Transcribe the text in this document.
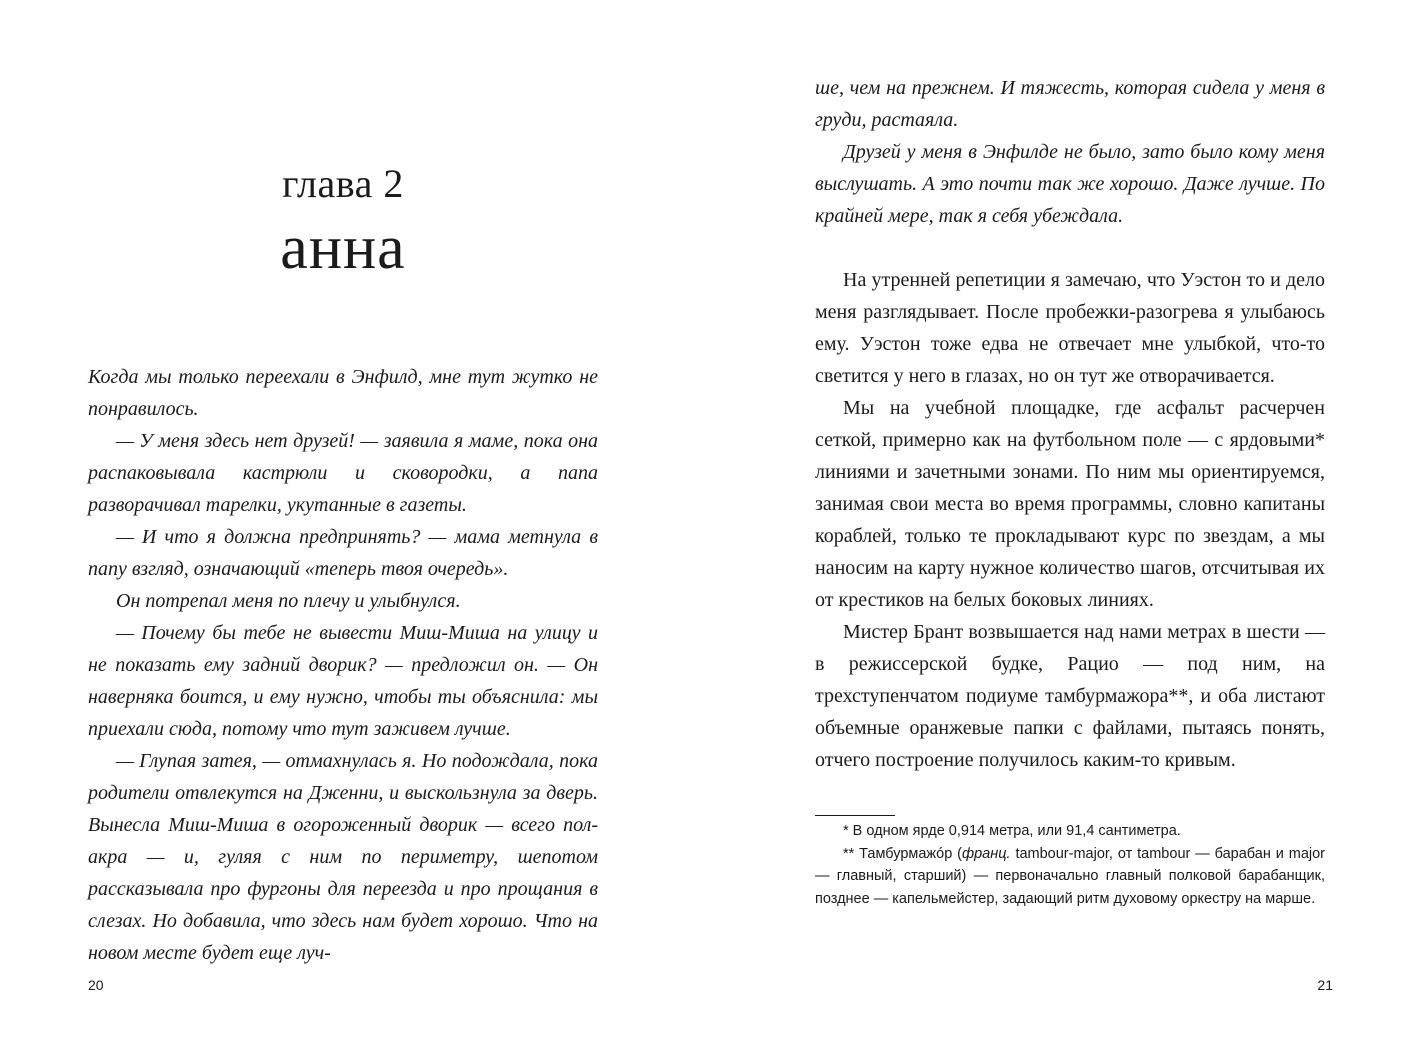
глава 2
анна

Когда мы только переехали в Энфилд, мне тут жутко не понравилось.

— У меня здесь нет друзей! — заявила я маме, пока она распаковывала кастрюли и сковородки, а папа разворачивал тарелки, укутанные в газеты.

— И что я должна предпринять? — мама метнула в папу взгляд, означающий «теперь твоя очередь».

Он потрепал меня по плечу и улыбнулся.

— Почему бы тебе не вывести Миш-Миша на улицу и не показать ему задний дворик? — предложил он. — Он наверняка боится, и ему нужно, чтобы ты объяснила: мы приехали сюда, потому что тут заживем лучше.

— Глупая затея, — отмахнулась я. Но подождала, пока родители отвлекутся на Дженни, и выскользнула за дверь. Вынесла Миш-Миша в огороженный дворик — всего пол-акра — и, гуляя с ним по периметру, шепотом рассказывала про фургоны для переезда и про прощания в слезах. Но добавила, что здесь нам будет хорошо. Что на новом месте будет еще луч-

20

ше, чем на прежнем. И тяжесть, которая сидела у меня в груди, растаяла.

Друзей у меня в Энфилде не было, зато было кому меня выслушать. А это почти так же хорошо. Даже лучше. По крайней мере, так я себя убеждала.

На утренней репетиции я замечаю, что Уэстон то и дело меня разглядывает. После пробежки-разогрева я улыбаюсь ему. Уэстон тоже едва не отвечает мне улыбкой, что-то светится у него в глазах, но он тут же отворачивается.

Мы на учебной площадке, где асфальт расчерчен сеткой, примерно как на футбольном поле — с ярдовыми* линиями и зачетными зонами. По ним мы ориентируемся, занимая свои места во время программы, словно капитаны кораблей, только те прокладывают курс по звездам, а мы наносим на карту нужное количество шагов, отсчитывая их от крестиков на белых боковых линиях.

Мистер Брант возвышается над нами метрах в шести — в режиссерской будке, Рацио — под ним, на трехступенчатом подиуме тамбурмажора**, и оба листают объемные оранжевые папки с файлами, пытаясь понять, отчего построение получилось каким-то кривым.

* В одном ярде 0,914 метра, или 91,4 сантиметра.

** Тамбурмажóр (франц. tambour-major, от tambour — барабан и major — главный, старший) — первоначально главный полковой барабанщик, позднее — капельмейстер, задающий ритм духовому оркестру на марше.

21
